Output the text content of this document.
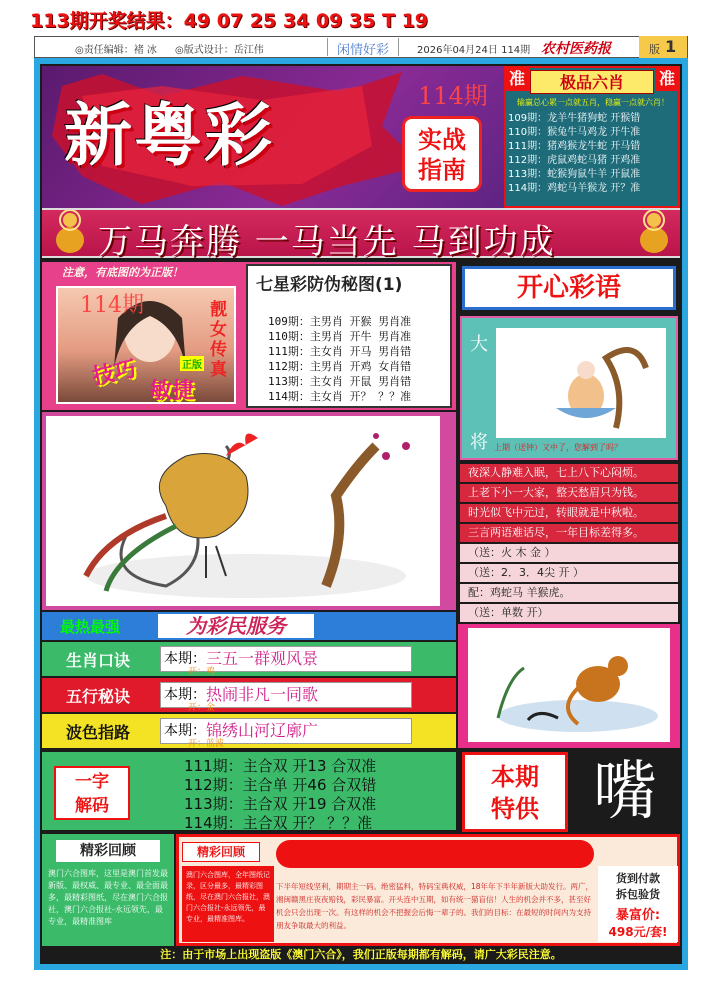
113期开奖结果：49 07 25 34 09 35 T 19
◎责任编辑：褚 冰 ◎版式设计：岳江伟	闲情好彩	2026年04月24日 114期 农村医药报	版 1
新粤彩	114期
实战
指南
准	准
极品六肖
输赢总心累一点就五肖，稳赢一点就六肖！
109期：龙羊牛猪狗蛇 开猴错
110期：猴兔牛马鸡龙 开牛准
111期：猪鸡猴龙牛蛇 开马错
112期：虎鼠鸡蛇马猪 开鸡准
113期：蛇猴狗鼠牛羊 开鼠准
114期：鸡蛇马羊猴龙 开？准
万马奔腾 一马当先 马到功成
注意，有底图的为正版！
114期	靓女传真
技巧
敏捷
正版
七星彩防伪秘图(1)
109期：主男肖 开猴 男肖准
110期：主男肖 开牛 男肖准
111期：主女肖 开马 男肖错
112期：主男肖 开鸡 女肖错
113期：主女肖 开鼠 男肖错
114期：主女肖 开？ ？？准
开心彩语
大
将 上期（送钟）又中了，您解到了吗？
夜深人静难入眠，七上八下心闷烦。
上老下小一大家，整天愁眉只为钱。
时光似飞中元过，转眼就是中秋啦。
三言两语难话尽，一年目标差得多。
（送：火 木 金 ）
（送：2．3．4尖 开 ）
配：鸡蛇马 羊猴虎。
（送：单数 开）
最热最强	为彩民服务
生肖口诀 本期： 三五一群观风景
开：鸡
五行秘诀 本期： 热闹非凡一同歌
开：金
波色指路 本期： 锦绣山河辽廓广
开：蓝波
一字
解码
111期：主合双 开13 合双准
112期：主合单 开46 合双错
113期：主合双 开19 合双准
114期：主合双 开？ ？？准
本期
特供 嘴
精彩回顾
澳门六合图库，这里是澳门首发最新版、最权威、最专业、最全面最多，最精彩图纸，尽在澳门六合报社，澳门六合报社-永远领先，最专业，最精准图库
精彩回顾
澳门六合图库，全年图纸记录，区分最多，最精彩图纸，尽在澳门六合报社，澳门六合报社-永远领先，最专业，最精准图库。
下半年短线坚利，期期主一码。绝密猛料，特码宝典权威，18年年下半年新版大助发行。两广，湘闽赣黑庄夜夜赔钱，彩民暴富。开头连中五期，如有统一猫盲信！人生的机会并不多，甚至好机会只会出现一次。有这样的机会不把握会后悔一辈子的。我们的目标：在最短的时间内为支持朋友争取最大的利益。
货到付款
拆包验货
暴富价:
498元/套!
注：由于市场上出现盗版《澳门六合》，我们正版每期都有解码，请广大彩民注意。
